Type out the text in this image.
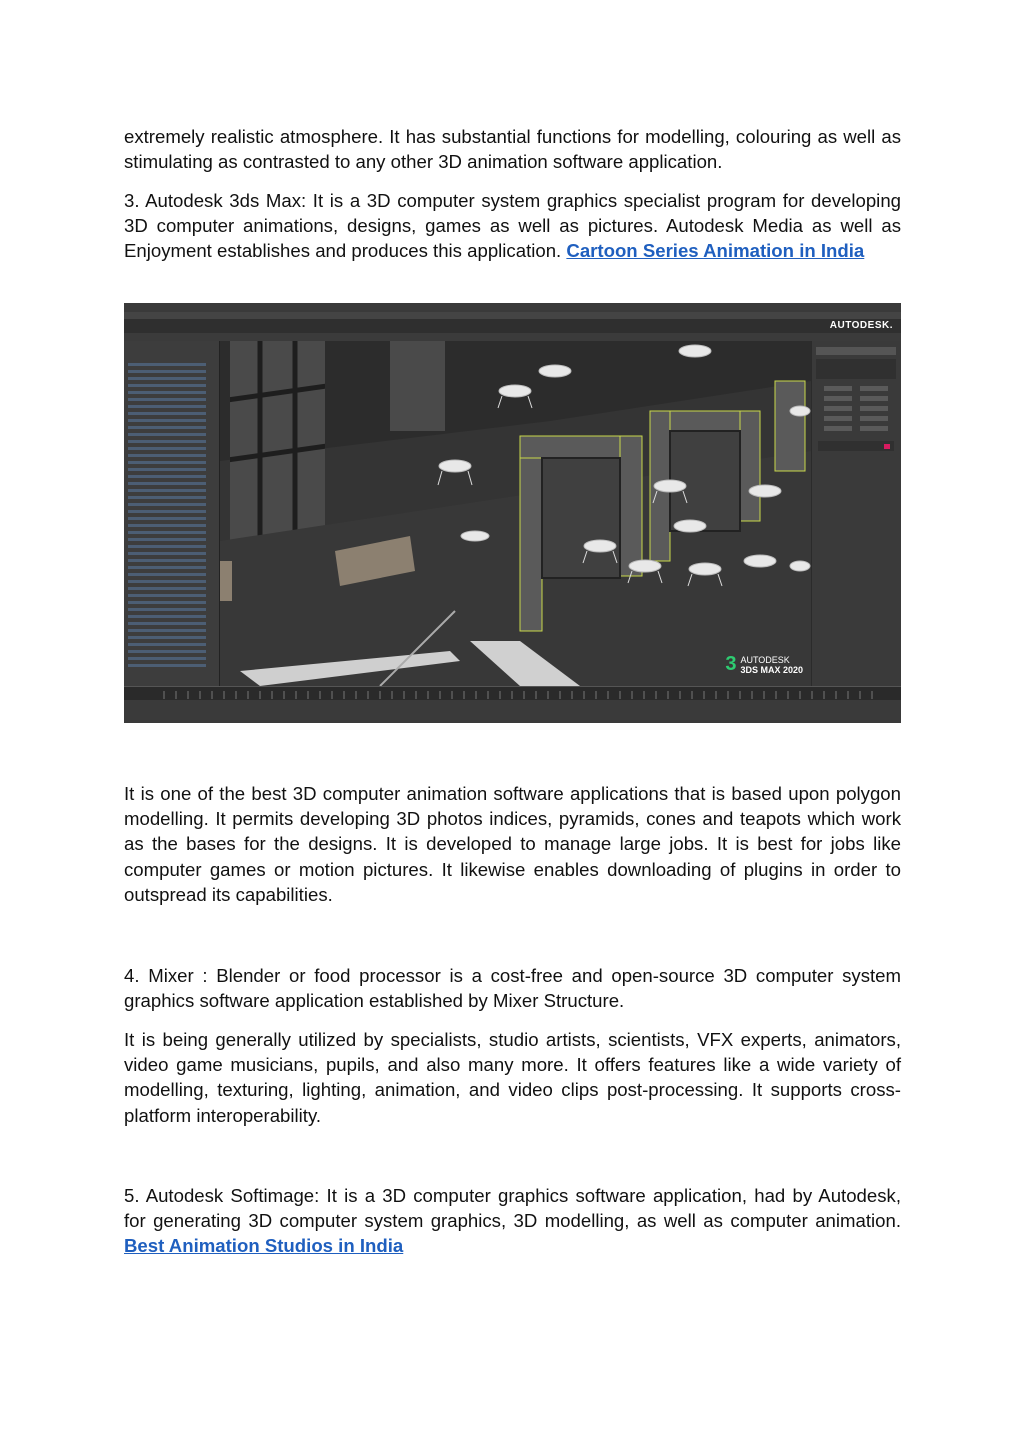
extremely realistic atmosphere. It has substantial functions for modelling, colouring as well as stimulating as contrasted to any other 3D animation software application.

3. Autodesk 3ds Max: It is a 3D computer system graphics specialist program for developing 3D computer animations, designs, games as well as pictures. Autodesk Media as well as Enjoyment establishes and produces this application. Cartoon Series Animation in India

AUTODESK.
3 AUTODESK
3DS MAX 2020

It is one of the best 3D computer animation software applications that is based upon polygon modelling. It permits developing 3D photos indices, pyramids, cones and teapots which work as the bases for the designs. It is developed to manage large jobs. It is best for jobs like computer games or motion pictures. It likewise enables downloading of plugins in order to outspread its capabilities.

4. Mixer : Blender or food processor is a cost-free and open-source 3D computer system graphics software application established by Mixer Structure.

It is being generally utilized by specialists, studio artists, scientists, VFX experts, animators, video game musicians, pupils, and also many more. It offers features like a wide variety of modelling, texturing, lighting, animation, and video clips post-processing. It supports cross-platform interoperability.

5. Autodesk Softimage: It is a 3D computer graphics software application, had by Autodesk, for generating 3D computer system graphics, 3D modelling, as well as computer animation. Best Animation Studios in India
